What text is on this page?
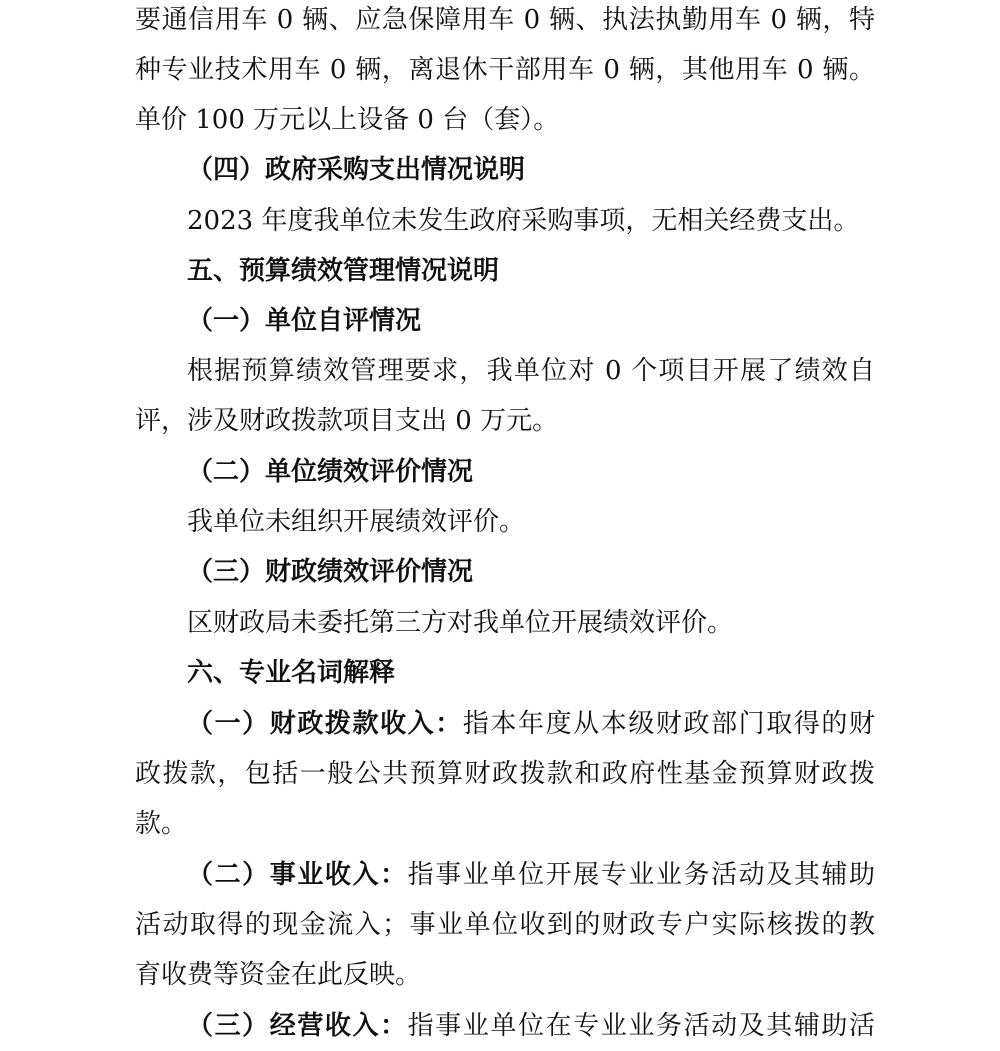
要通信用车 0 辆、应急保障用车 0 辆、执法执勤用车 0 辆，特
种专业技术用车 0 辆，离退休干部用车 0 辆，其他用车 0 辆。
单价 100 万元以上设备 0 台（套）。
（四）政府采购支出情况说明
2023 年度我单位未发生政府采购事项，无相关经费支出。
五、预算绩效管理情况说明
（一）单位自评情况
根据预算绩效管理要求，我单位对 0 个项目开展了绩效自
评，涉及财政拨款项目支出 0 万元。
（二）单位绩效评价情况
我单位未组织开展绩效评价。
（三）财政绩效评价情况
区财政局未委托第三方对我单位开展绩效评价。
六、专业名词解释
（一）财政拨款收入：指本年度从本级财政部门取得的财
政拨款，包括一般公共预算财政拨款和政府性基金预算财政拨
款。
（二）事业收入：指事业单位开展专业业务活动及其辅助
活动取得的现金流入；事业单位收到的财政专户实际核拨的教
育收费等资金在此反映。
（三）经营收入：指事业单位在专业业务活动及其辅助活
